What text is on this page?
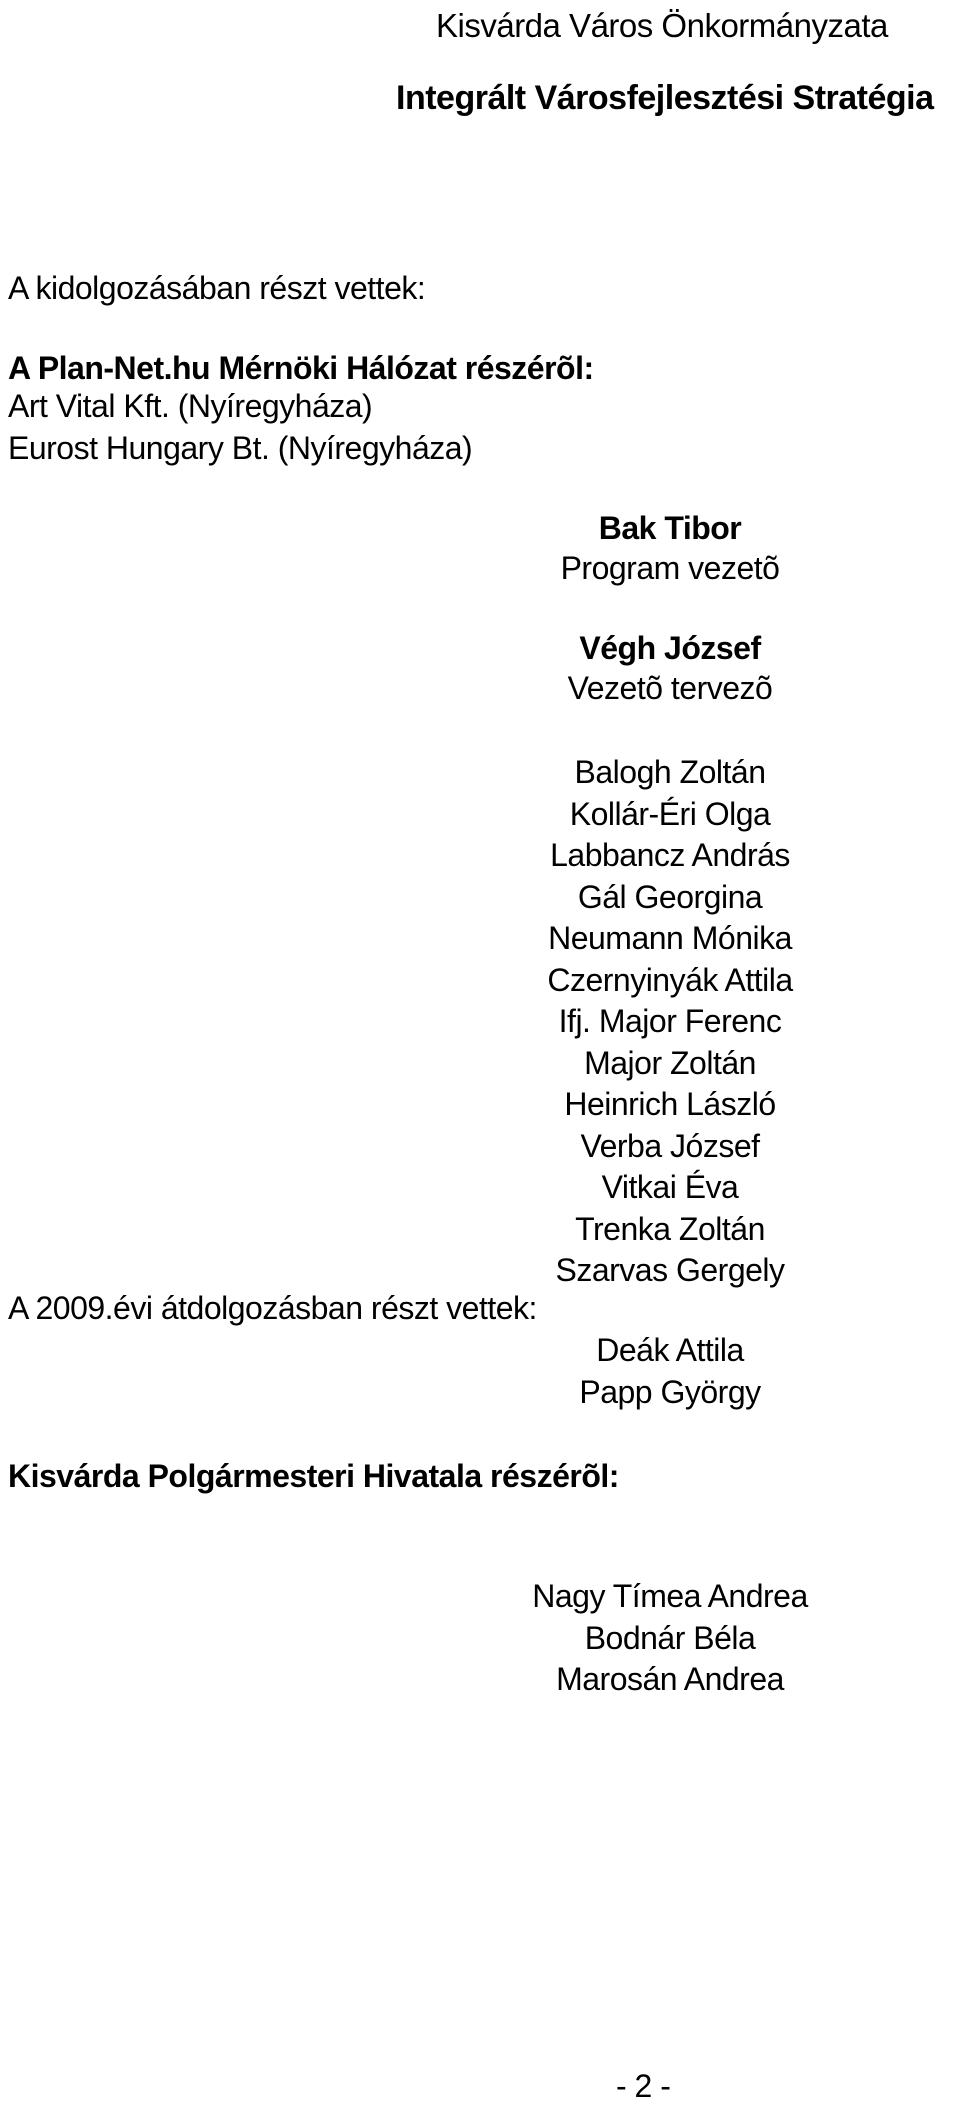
Kisvárda Város Önkormányzata
Integrált Városfejlesztési Stratégia
A kidolgozásában részt vettek:
A Plan-Net.hu Mérnöki Hálózat részérõl:
Art Vital Kft. (Nyíregyháza)
Eurost Hungary Bt. (Nyíregyháza)
Bak Tibor
Program vezetõ
Végh József
Vezetõ tervezõ
Balogh Zoltán
Kollár-Éri Olga
Labbancz András
Gál Georgina
Neumann Mónika
Czernyinyák Attila
Ifj. Major Ferenc
Major Zoltán
Heinrich László
Verba József
Vitkai Éva
Trenka Zoltán
Szarvas Gergely
A 2009.évi átdolgozásban részt vettek:
Deák Attila
Papp György
Kisvárda Polgármesteri Hivatala részérõl:
Nagy Tímea Andrea
Bodnár Béla
Marosán Andrea
- 2 -
